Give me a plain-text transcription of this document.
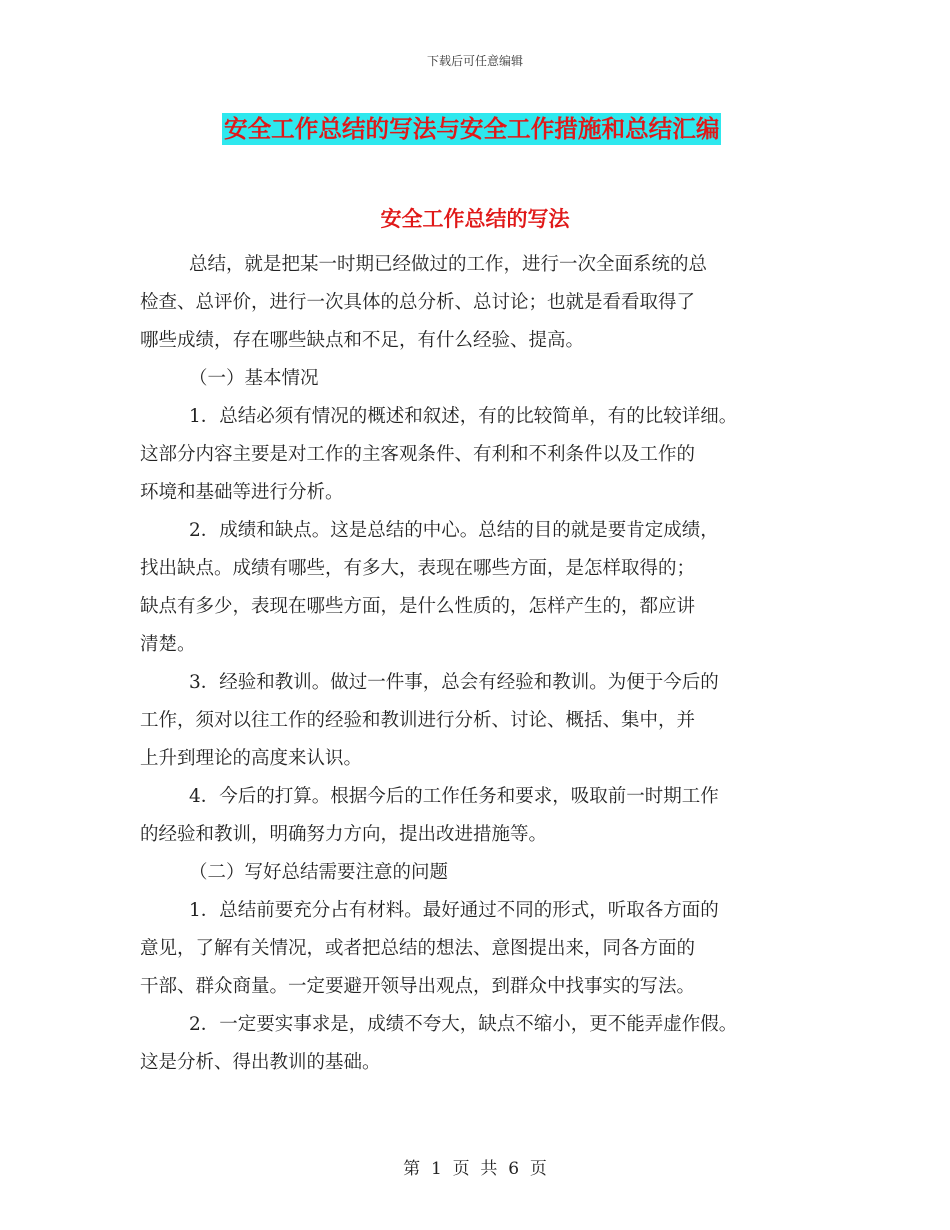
下载后可任意编辑
安全工作总结的写法与安全工作措施和总结汇编
安全工作总结的写法
总结，就是把某一时期已经做过的工作，进行一次全面系统的总
检查、总评价，进行一次具体的总分析、总讨论；也就是看看取得了
哪些成绩，存在哪些缺点和不足，有什么经验、提高。
（一）基本情况
1．总结必须有情况的概述和叙述，有的比较简单，有的比较详细。
这部分内容主要是对工作的主客观条件、有利和不利条件以及工作的
环境和基础等进行分析。
2．成绩和缺点。这是总结的中心。总结的目的就是要肯定成绩，
找出缺点。成绩有哪些，有多大，表现在哪些方面，是怎样取得的；
缺点有多少，表现在哪些方面，是什么性质的，怎样产生的，都应讲
清楚。
3．经验和教训。做过一件事，总会有经验和教训。为便于今后的
工作，须对以往工作的经验和教训进行分析、讨论、概括、集中，并
上升到理论的高度来认识。
4．今后的打算。根据今后的工作任务和要求，吸取前一时期工作
的经验和教训，明确努力方向，提出改进措施等。
（二）写好总结需要注意的问题
1．总结前要充分占有材料。最好通过不同的形式，听取各方面的
意见，了解有关情况，或者把总结的想法、意图提出来，同各方面的
干部、群众商量。一定要避开领导出观点，到群众中找事实的写法。
2．一定要实事求是，成绩不夸大，缺点不缩小，更不能弄虚作假。
这是分析、得出教训的基础。
第  1  页  共  6  页
